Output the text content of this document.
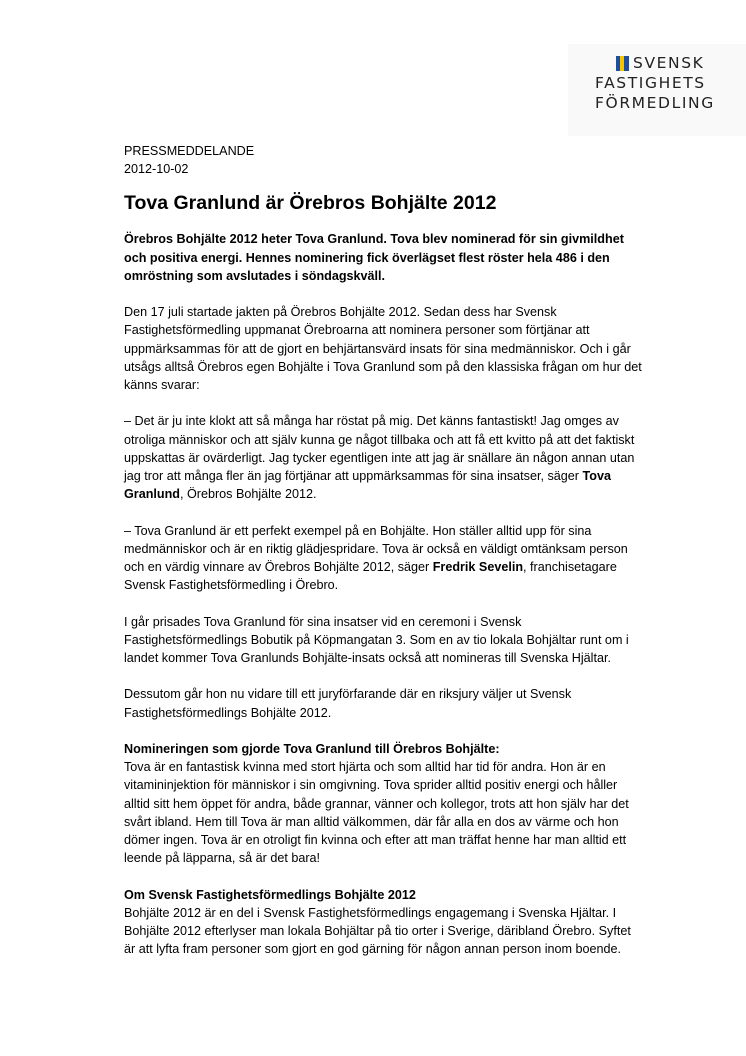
SVENSK
FASTIGHETS
FÖRMEDLING
PRESSMEDDELANDE
2012-10-02
Tova Granlund är Örebros Bohjälte 2012

Örebros Bohjälte 2012 heter Tova Granlund. Tova blev nominerad för sin givmildhet och positiva energi. Hennes nominering fick överlägset flest röster hela 486 i den omröstning som avslutades i söndagskväll.

Den 17 juli startade jakten på Örebros Bohjälte 2012. Sedan dess har Svensk Fastighetsförmedling uppmanat Örebroarna att nominera personer som förtjänar att uppmärksammas för att de gjort en behjärtansvärd insats för sina medmänniskor. Och i går utsågs alltså Örebros egen Bohjälte i Tova Granlund som på den klassiska frågan om hur det känns svarar:

– Det är ju inte klokt att så många har röstat på mig. Det känns fantastiskt! Jag omges av otroliga människor och att själv kunna ge något tillbaka och att få ett kvitto på att det faktiskt uppskattas är ovärderligt. Jag tycker egentligen inte att jag är snällare än någon annan utan jag tror att många fler än jag förtjänar att uppmärksammas för sina insatser, säger Tova Granlund, Örebros Bohjälte 2012.

– Tova Granlund är ett perfekt exempel på en Bohjälte. Hon ställer alltid upp för sina medmänniskor och är en riktig glädjespridare. Tova är också en väldigt omtänksam person och en värdig vinnare av Örebros Bohjälte 2012, säger Fredrik Sevelin, franchisetagare Svensk Fastighetsförmedling i Örebro.

I går prisades Tova Granlund för sina insatser vid en ceremoni i Svensk Fastighetsförmedlings Bobutik på Köpmangatan 3. Som en av tio lokala Bohjältar runt om i landet kommer Tova Granlunds Bohjälte-insats också att nomineras till Svenska Hjältar.

Dessutom går hon nu vidare till ett juryförfarande där en riksjury väljer ut Svensk Fastighetsförmedlings Bohjälte 2012.

Nomineringen som gjorde Tova Granlund till Örebros Bohjälte:
Tova är en fantastisk kvinna med stort hjärta och som alltid har tid för andra. Hon är en vitamininjektion för människor i sin omgivning. Tova sprider alltid positiv energi och håller alltid sitt hem öppet för andra, både grannar, vänner och kollegor, trots att hon själv har det svårt ibland. Hem till Tova är man alltid välkommen, där får alla en dos av värme och hon dömer ingen. Tova är en otroligt fin kvinna och efter att man träffat henne har man alltid ett leende på läpparna, så är det bara!

Om Svensk Fastighetsförmedlings Bohjälte 2012
Bohjälte 2012 är en del i Svensk Fastighetsförmedlings engagemang i Svenska Hjältar. I Bohjälte 2012 efterlyser man lokala Bohjältar på tio orter i Sverige, däribland Örebro. Syftet är att lyfta fram personer som gjort en god gärning för någon annan person inom boende.
